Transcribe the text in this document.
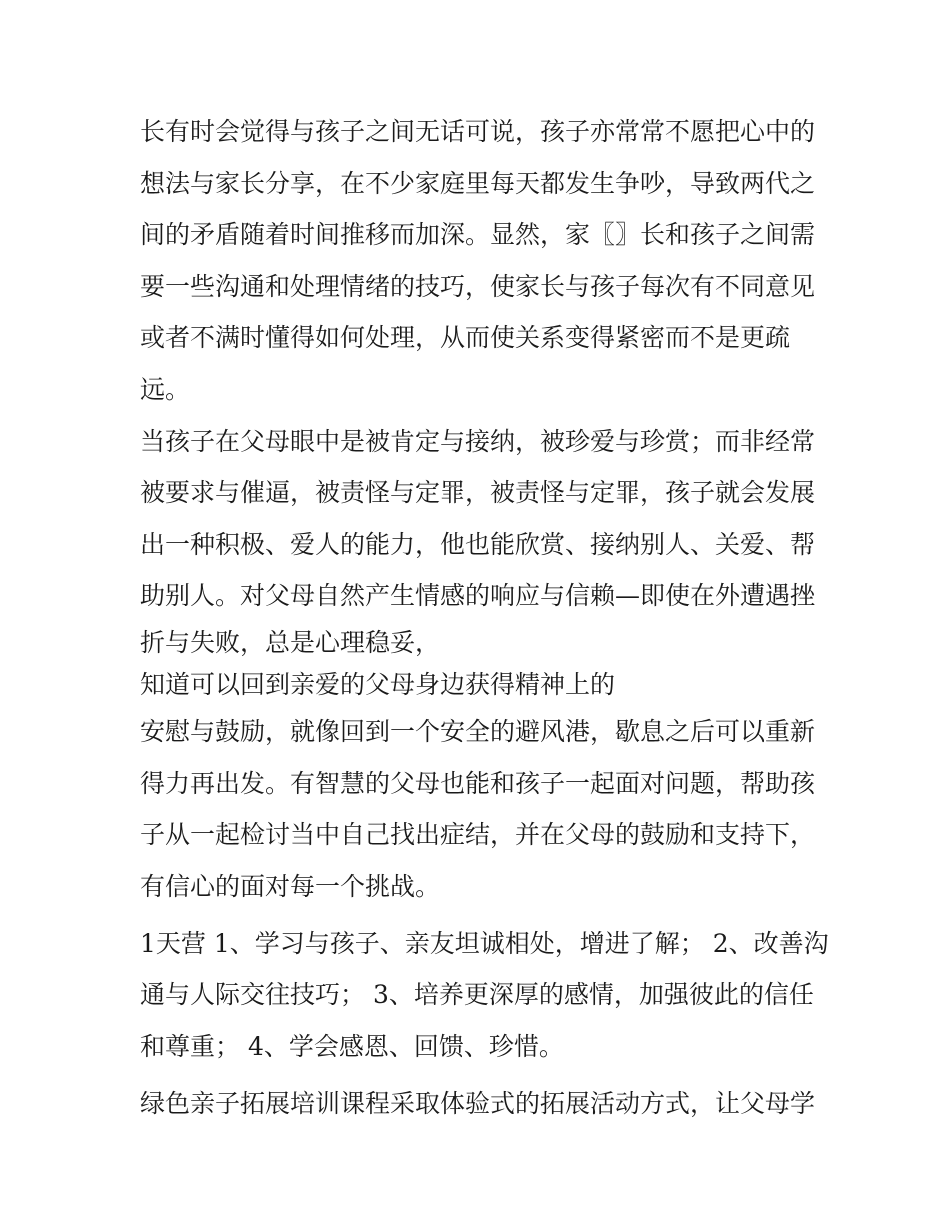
长有时会觉得与孩子之间无话可说，孩子亦常常不愿把心中的
想法与家长分享，在不少家庭里每天都发生争吵，导致两代之
间的矛盾随着时间推移而加深。显然，家〖〗长和孩子之间需
要一些沟通和处理情绪的技巧，使家长与孩子每次有不同意见
或者不满时懂得如何处理，从而使关系变得紧密而不是更疏
远。
当孩子在父母眼中是被肯定与接纳，被珍爱与珍赏；而非经常
被要求与催逼，被责怪与定罪，被责怪与定罪，孩子就会发展
出一种积极、爱人的能力，他也能欣赏、接纳别人、关爱、帮
助别人。对父母自然产生情感的响应与信赖—即使在外遭遇挫
折与失败，总是心理稳妥，
知道可以回到亲爱的父母身边获得精神上的
安慰与鼓励，就像回到一个安全的避风港，歇息之后可以重新
得力再出发。有智慧的父母也能和孩子一起面对问题，帮助孩
子从一起检讨当中自己找出症结，并在父母的鼓励和支持下，
有信心的面对每一个挑战。
1天营 1、学习与孩子、亲友坦诚相处，增进了解； 2、改善沟
通与人际交往技巧； 3、培养更深厚的感情，加强彼此的信任
和尊重； 4、学会感恩、回馈、珍惜。
绿色亲子拓展培训课程采取体验式的拓展活动方式，让父母学
